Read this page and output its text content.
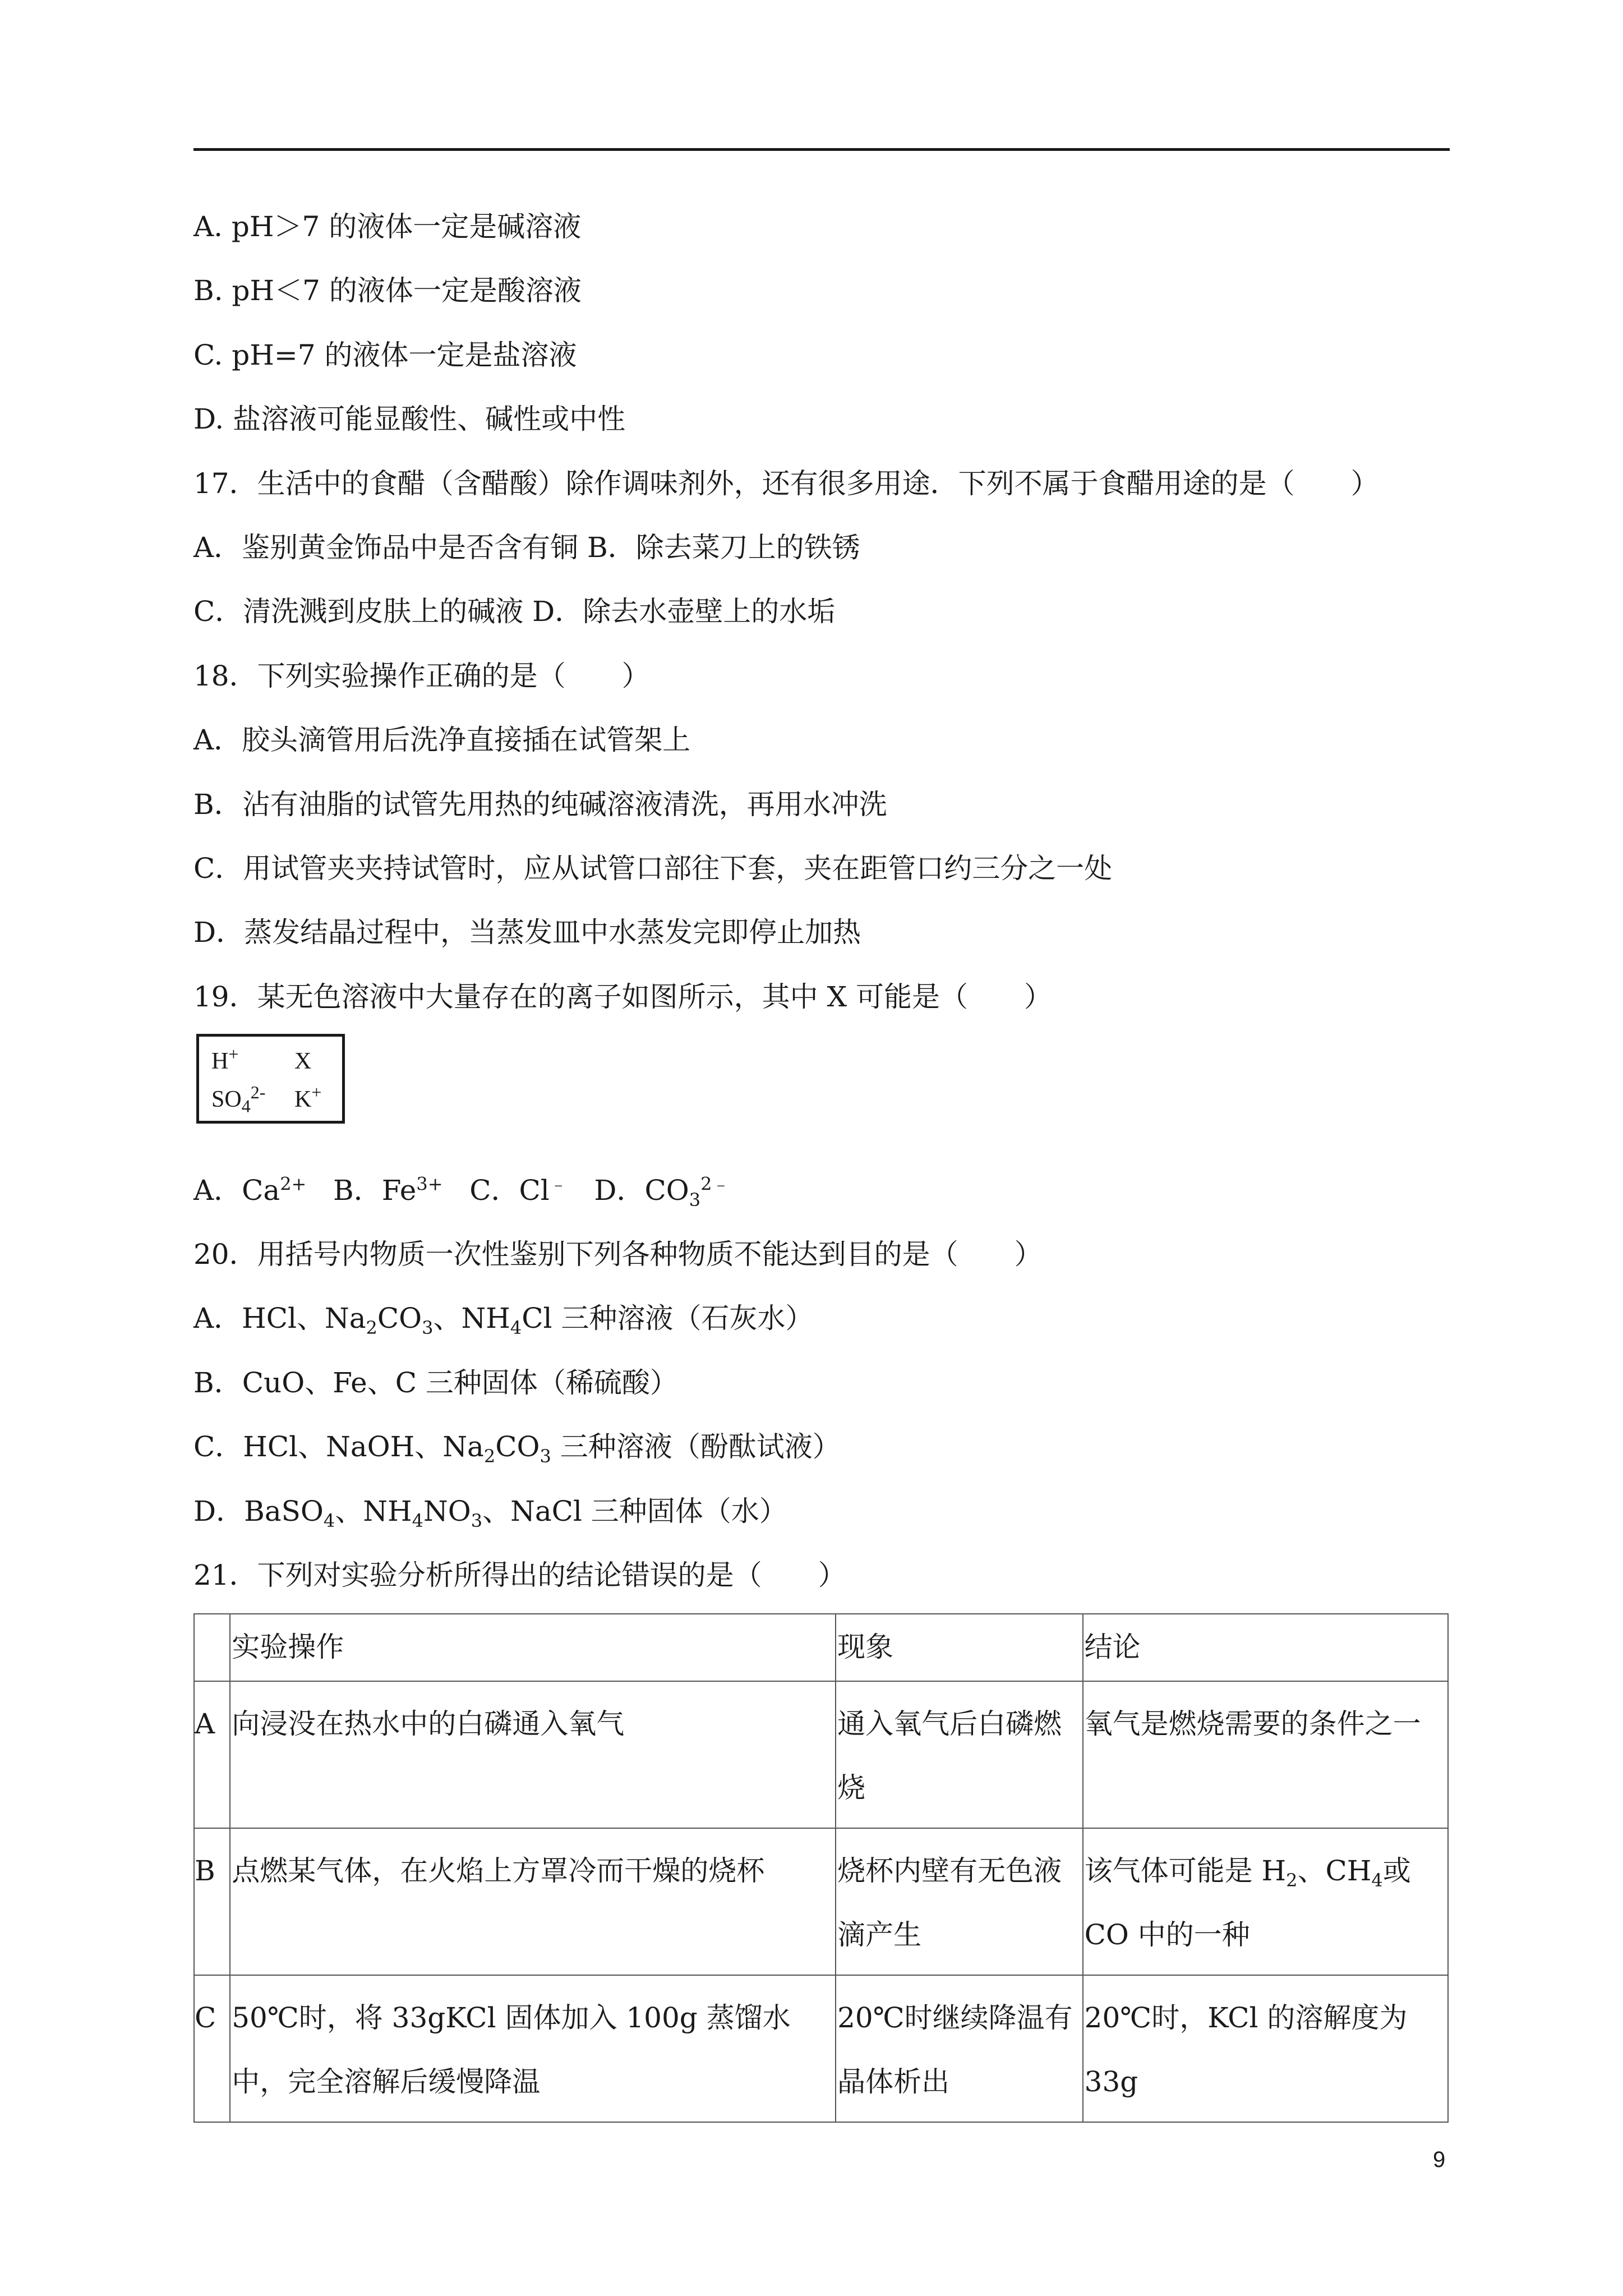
A. pH＞7 的液体一定是碱溶液
B. pH＜7 的液体一定是酸溶液
C. pH=7 的液体一定是盐溶液
D. 盐溶液可能显酸性、碱性或中性
17．生活中的食醋（含醋酸）除作调味剂外，还有很多用途．下列不属于食醋用途的是（　　）
A．鉴别黄金饰品中是否含有铜 B．除去菜刀上的铁锈
C．清洗溅到皮肤上的碱液 D．除去水壶壁上的水垢
18．下列实验操作正确的是（　　）
A．胶头滴管用后洗净直接插在试管架上
B．沾有油脂的试管先用热的纯碱溶液清洗，再用水冲洗
C．用试管夹夹持试管时，应从试管口部往下套，夹在距管口约三分之一处
D．蒸发结晶过程中，当蒸发皿中水蒸发完即停止加热
19．某无色溶液中大量存在的离子如图所示，其中 X 可能是（　　）
H+ X
$SO_4^{2-}$ K+
A．$Ca^{2+}$ B．$Fe^{3+}$ C．Cl﹣ D．$CO_3^{2﹣}$
20．用括号内物质一次性鉴别下列各种物质不能达到目的是（　　）
A．HCl、$Na_2CO_3$、$NH_4Cl$ 三种溶液（石灰水）
B．CuO、Fe、C 三种固体（稀硫酸）
C．HCl、NaOH、$Na_2CO_3$ 三种溶液（酚酞试液）
D．BaSO$_4$、$NH_4NO_3$、NaCl 三种固体（水）
21．下列对实验分析所得出的结论错误的是（　　）
	实验操作	现象	结论
A	向浸没在热水中的白磷通入氧气	通入氧气后白磷燃烧	氧气是燃烧需要的条件之一
B	点燃某气体，在火焰上方罩冷而干燥的烧杯	烧杯内壁有无色液滴产生	该气体可能是 $H_2$、$CH_4$或 CO 中的一种
C	50℃时，将 33gKCl 固体加入 100g 蒸馏水中，完全溶解后缓慢降温	20℃时继续降温有晶体析出	20℃时，KCl 的溶解度为 33g
9
